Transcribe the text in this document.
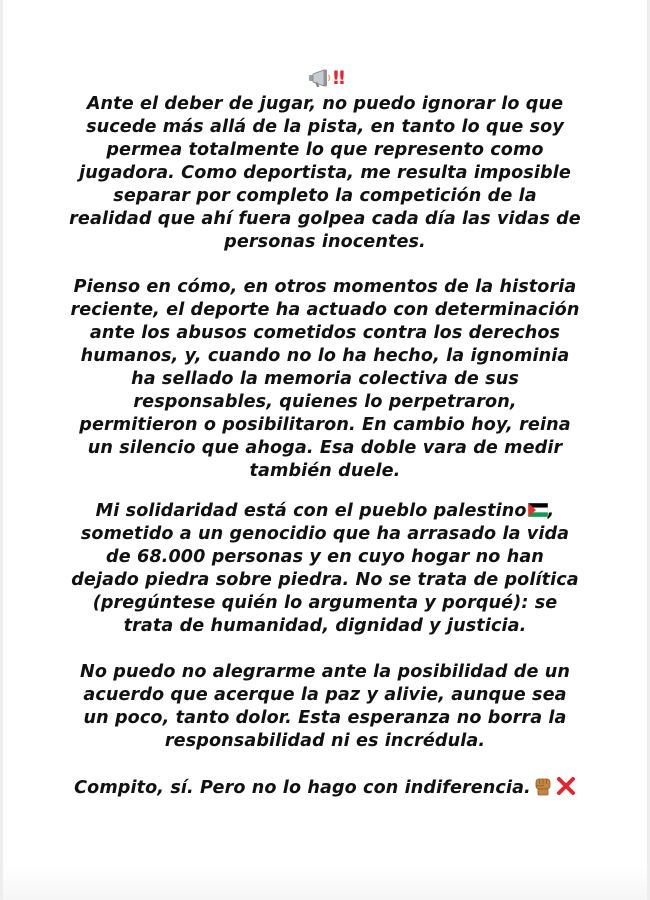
‼

Ante el deber de jugar, no puedo ignorar lo que
sucede más allá de la pista, en tanto lo que soy
permea totalmente lo que represento como
jugadora. Como deportista, me resulta imposible
separar por completo la competición de la
realidad que ahí fuera golpea cada día las vidas de
personas inocentes.

Pienso en cómo, en otros momentos de la historia
reciente, el deporte ha actuado con determinación
ante los abusos cometidos contra los derechos
humanos, y, cuando no lo ha hecho, la ignominia
ha sellado la memoria colectiva de sus
responsables, quienes lo perpetraron,
permitieron o posibilitaron. En cambio hoy, reina
un silencio que ahoga. Esa doble vara de medir
también duele.

Mi solidaridad está con el pueblo palestino ,
sometido a un genocidio que ha arrasado la vida
de 68.000 personas y en cuyo hogar no han
dejado piedra sobre piedra. No se trata de política
(pregúntese quién lo argumenta y porqué): se
trata de humanidad, dignidad y justicia.

No puedo no alegrarme ante la posibilidad de un
acuerdo que acerque la paz y alivie, aunque sea
un poco, tanto dolor. Esta esperanza no borra la
responsabilidad ni es incrédula.

Compito, sí. Pero no lo hago con indiferencia.
